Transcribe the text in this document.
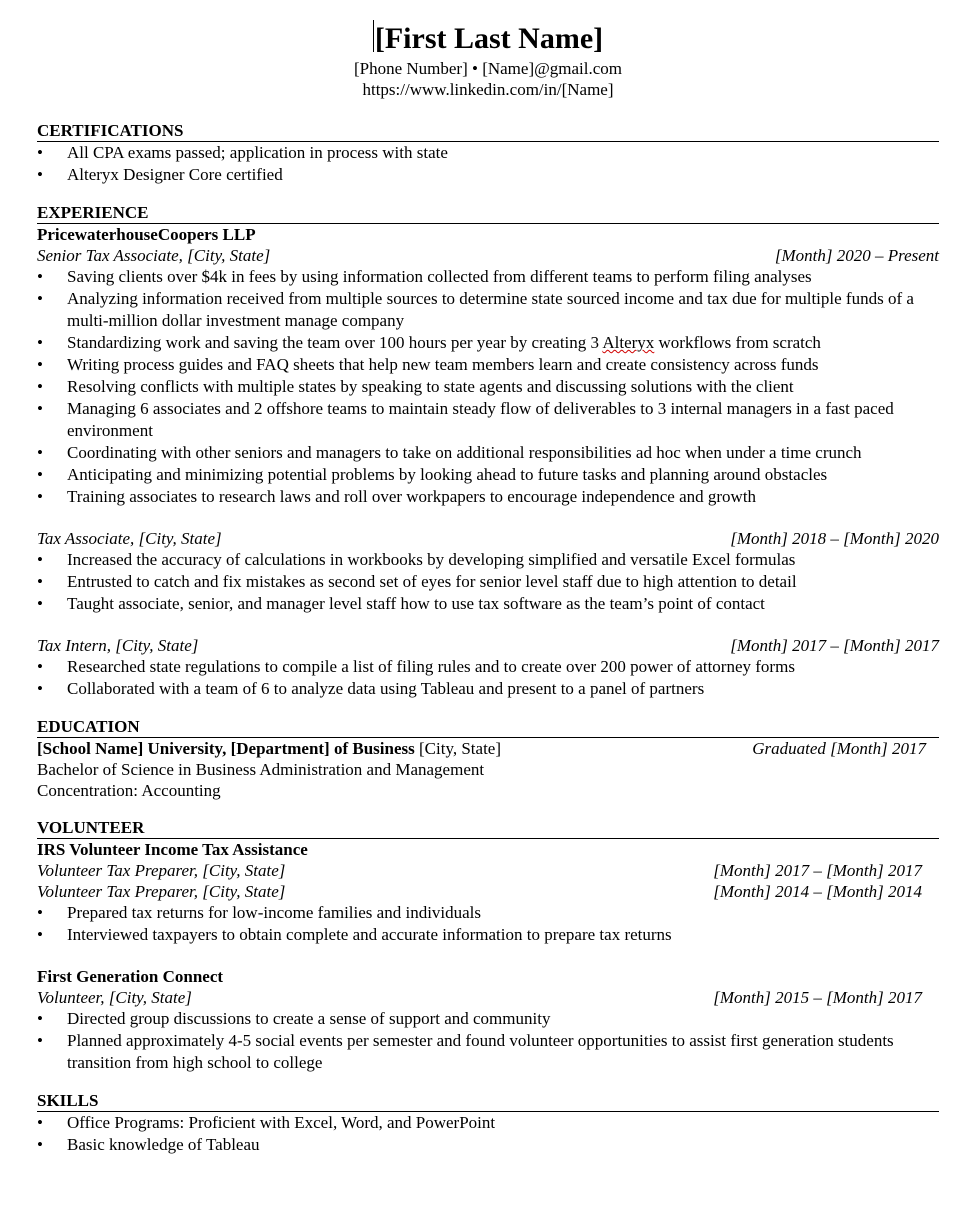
[First Last Name]
[Phone Number] • [Name]@gmail.com
https://www.linkedin.com/in/[Name]
CERTIFICATIONS
• All CPA exams passed; application in process with state
• Alteryx Designer Core certified
EXPERIENCE
PricewaterhouseCoopers LLP
Senior Tax Associate, [City, State]	[Month] 2020 – Present
• Saving clients over $4k in fees by using information collected from different teams to perform filing analyses
• Analyzing information received from multiple sources to determine state sourced income and tax due for multiple funds of a multi-million dollar investment manage company
• Standardizing work and saving the team over 100 hours per year by creating 3 Alteryx workflows from scratch
• Writing process guides and FAQ sheets that help new team members learn and create consistency across funds
• Resolving conflicts with multiple states by speaking to state agents and discussing solutions with the client
• Managing 6 associates and 2 offshore teams to maintain steady flow of deliverables to 3 internal managers in a fast paced environment
• Coordinating with other seniors and managers to take on additional responsibilities ad hoc when under a time crunch
• Anticipating and minimizing potential problems by looking ahead to future tasks and planning around obstacles
• Training associates to research laws and roll over workpapers to encourage independence and growth
Tax Associate, [City, State]	[Month] 2018 – [Month] 2020
• Increased the accuracy of calculations in workbooks by developing simplified and versatile Excel formulas
• Entrusted to catch and fix mistakes as second set of eyes for senior level staff due to high attention to detail
• Taught associate, senior, and manager level staff how to use tax software as the team’s point of contact
Tax Intern, [City, State]	[Month] 2017 – [Month] 2017
• Researched state regulations to compile a list of filing rules and to create over 200 power of attorney forms
• Collaborated with a team of 6 to analyze data using Tableau and present to a panel of partners
EDUCATION
[School Name] University, [Department] of Business [City, State]	Graduated [Month] 2017
Bachelor of Science in Business Administration and Management
Concentration: Accounting
VOLUNTEER
IRS Volunteer Income Tax Assistance
Volunteer Tax Preparer, [City, State]	[Month] 2017 – [Month] 2017
Volunteer Tax Preparer, [City, State]	[Month] 2014 – [Month] 2014
• Prepared tax returns for low-income families and individuals
• Interviewed taxpayers to obtain complete and accurate information to prepare tax returns
First Generation Connect
Volunteer, [City, State]	[Month] 2015 – [Month] 2017
• Directed group discussions to create a sense of support and community
• Planned approximately 4-5 social events per semester and found volunteer opportunities to assist first generation students transition from high school to college
SKILLS
• Office Programs: Proficient with Excel, Word, and PowerPoint
• Basic knowledge of Tableau
